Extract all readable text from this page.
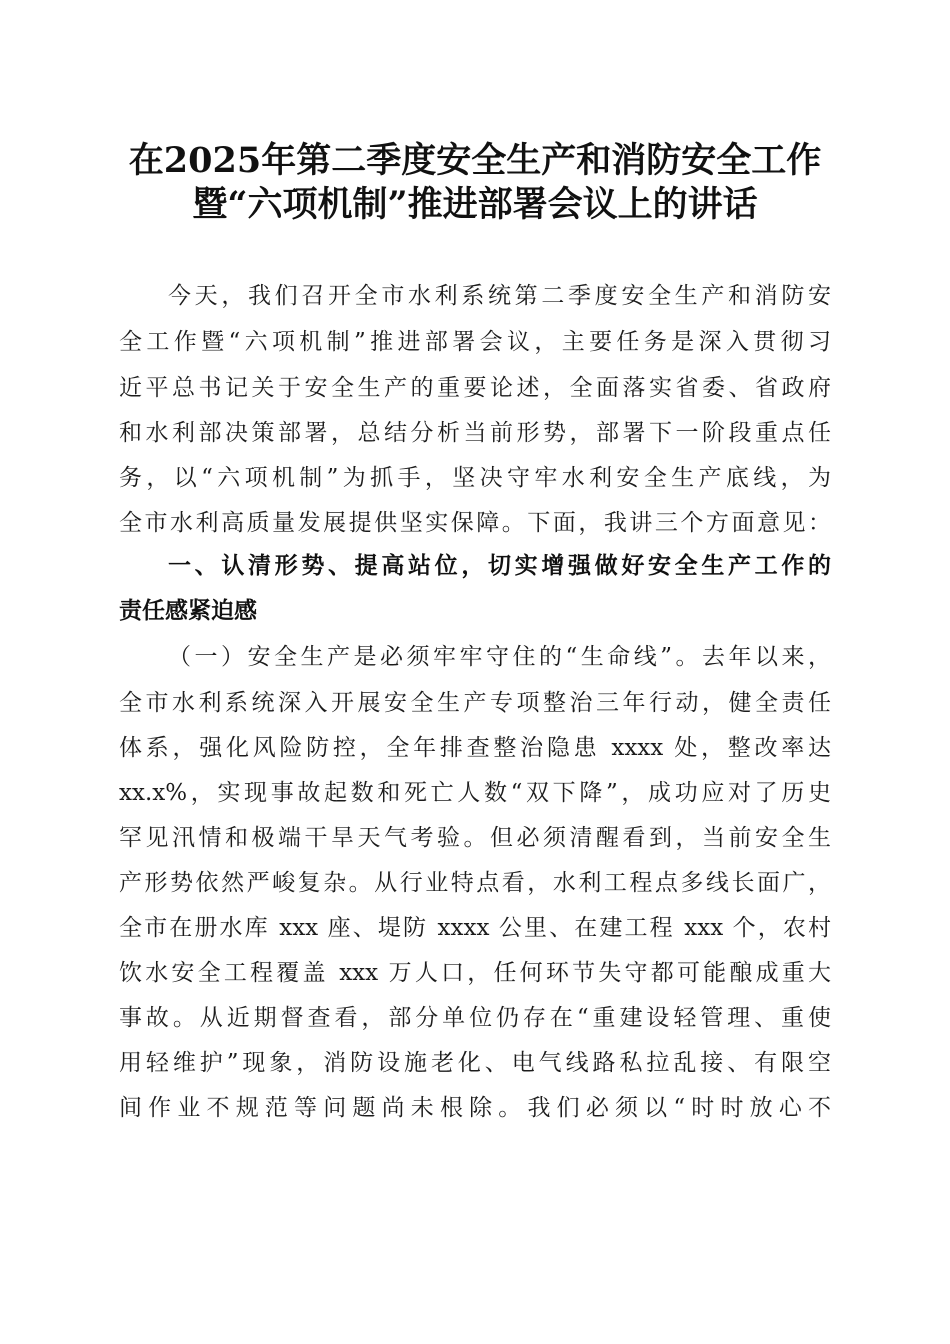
在2025年第二季度安全生产和消防安全工作
暨“六项机制”推进部署会议上的讲话
今天，我们召开全市水利系统第二季度安全生产和消防安
全工作暨“六项机制”推进部署会议，主要任务是深入贯彻习
近平总书记关于安全生产的重要论述，全面落实省委、省政府
和水利部决策部署，总结分析当前形势，部署下一阶段重点任
务，以“六项机制”为抓手，坚决守牢水利安全生产底线，为
全市水利高质量发展提供坚实保障。下面，我讲三个方面意见：
一、认清形势、提高站位，切实增强做好安全生产工作的
责任感紧迫感
（一）安全生产是必须牢牢守住的“生命线”。去年以来，
全市水利系统深入开展安全生产专项整治三年行动，健全责任
体系，强化风险防控，全年排查整治隐患 xxxx 处，整改率达
xx.x%，实现事故起数和死亡人数“双下降”，成功应对了历史
罕见汛情和极端干旱天气考验。但必须清醒看到，当前安全生
产形势依然严峻复杂。从行业特点看，水利工程点多线长面广，
全市在册水库 xxx 座、堤防 xxxx 公里、在建工程 xxx 个，农村
饮水安全工程覆盖 xxx 万人口，任何环节失守都可能酿成重大
事故。从近期督查看，部分单位仍存在“重建设轻管理、重使
用轻维护”现象，消防设施老化、电气线路私拉乱接、有限空
间作业不规范等问题尚未根除。我们必须以“时时放心不
